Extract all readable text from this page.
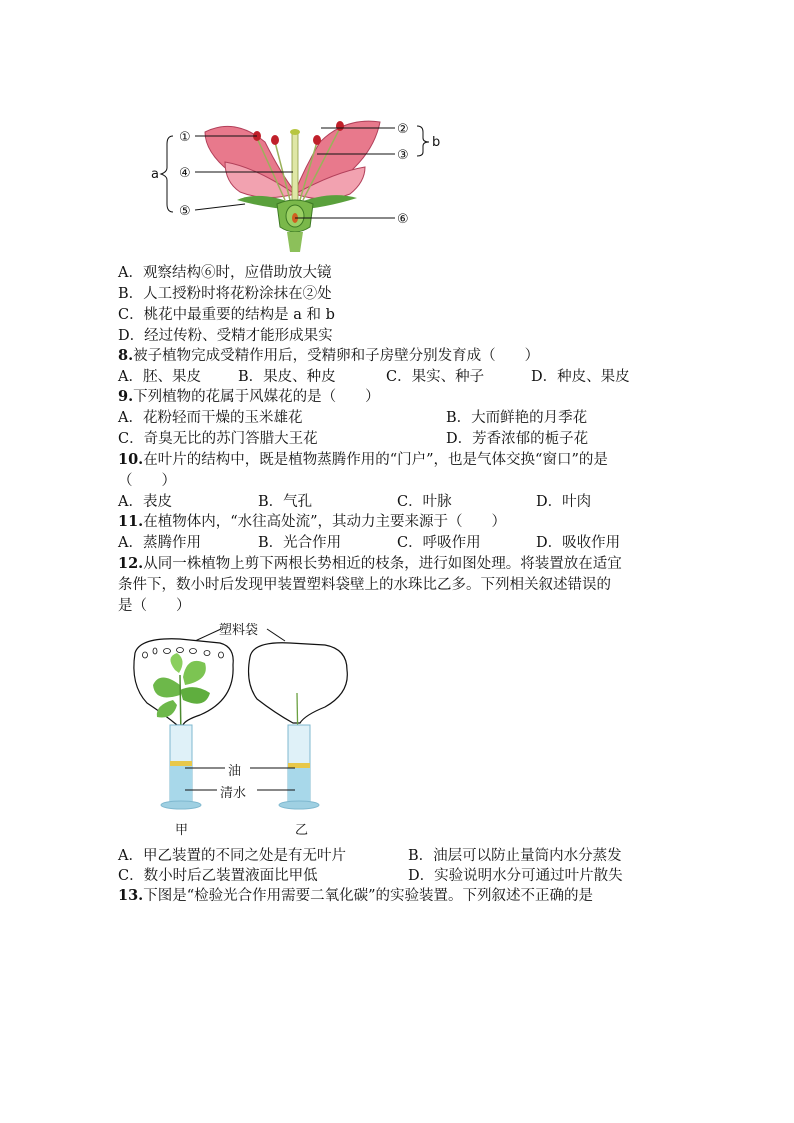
①
②
③
④
⑤
⑥
a
b
A．观察结构⑥时，应借助放大镜
B．人工授粉时将花粉涂抹在②处
C．桃花中最重要的结构是 a 和 b
D．经过传粉、受精才能形成果实
8.被子植物完成受精作用后，受精卵和子房壁分别发育成（　　）
A．胚、果皮	B．果皮、种皮	C．果实、种子	D．种皮、果皮
9.下列植物的花属于风媒花的是（　　）
A．花粉轻而干燥的玉米雄花	B．大而鲜艳的月季花
C．奇臭无比的苏门答腊大王花	D．芳香浓郁的栀子花
10.在叶片的结构中，既是植物蒸腾作用的“门户”，也是气体交换“窗口”的是
（　　）
A．表皮	B．气孔	C．叶脉	D．叶肉
11.在植物体内，“水往高处流”，其动力主要来源于（　　）
A．蒸腾作用	B．光合作用	C．呼吸作用	D．吸收作用
12.从同一株植物上剪下两根长势相近的枝条，进行如图处理。将装置放在适宜
条件下，数小时后发现甲装置塑料袋壁上的水珠比乙多。下列相关叙述错误的
是（　　）
塑料袋
油
清水
甲	乙
A．甲乙装置的不同之处是有无叶片	B．油层可以防止量筒内水分蒸发
C．数小时后乙装置液面比甲低	D．实验说明水分可通过叶片散失
13.下图是“检验光合作用需要二氧化碳”的实验装置。下列叙述不正确的是
